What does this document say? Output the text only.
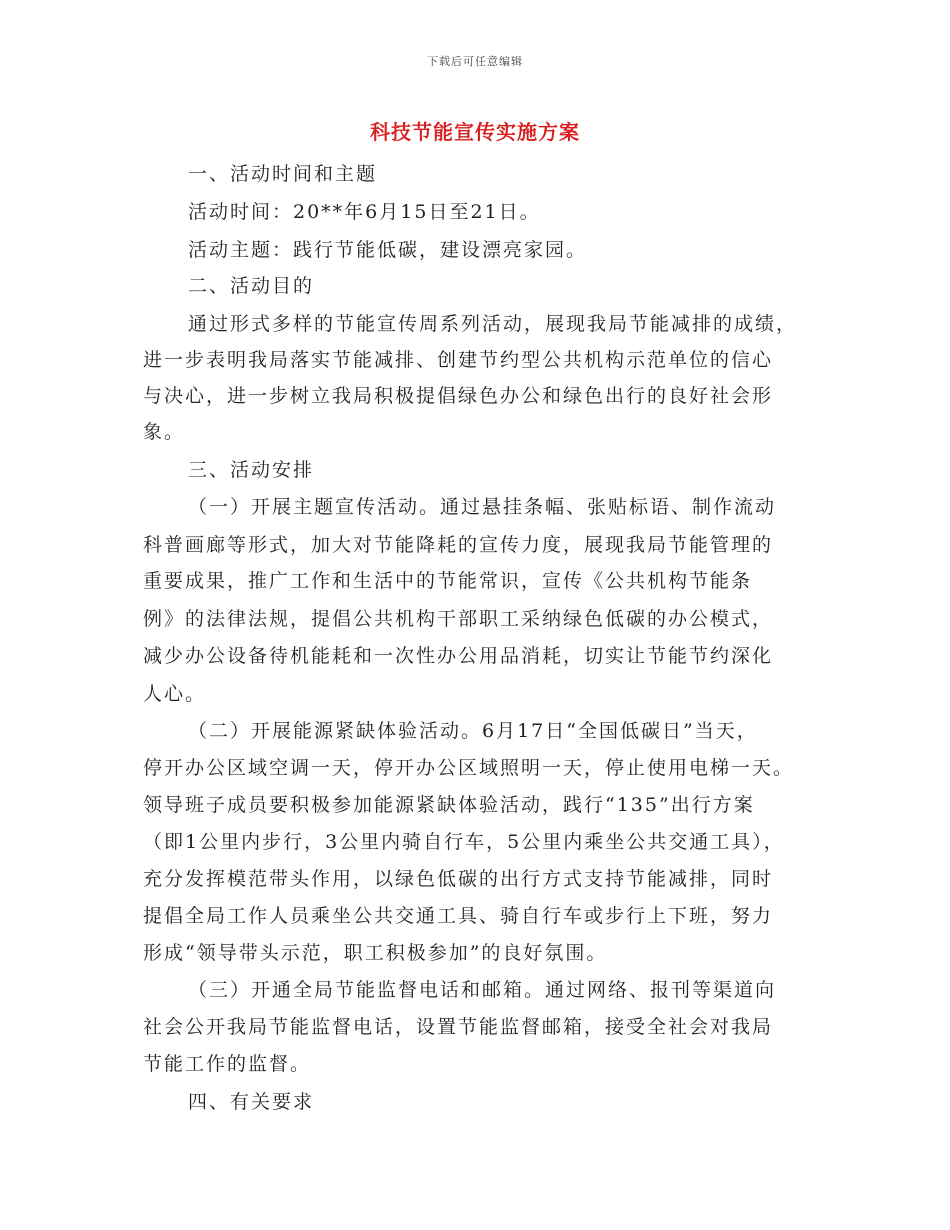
下载后可任意编辑
科技节能宣传实施方案
一、活动时间和主题
活动时间：20**年6月15日至21日。
活动主题：践行节能低碳，建设漂亮家园。
二、活动目的
通过形式多样的节能宣传周系列活动，展现我局节能减排的成绩，
进一步表明我局落实节能减排、创建节约型公共机构示范单位的信心
与决心，进一步树立我局积极提倡绿色办公和绿色出行的良好社会形
象。
三、活动安排
（一）开展主题宣传活动。通过悬挂条幅、张贴标语、制作流动
科普画廊等形式，加大对节能降耗的宣传力度，展现我局节能管理的
重要成果，推广工作和生活中的节能常识，宣传《公共机构节能条
例》的法律法规，提倡公共机构干部职工采纳绿色低碳的办公模式，
减少办公设备待机能耗和一次性办公用品消耗，切实让节能节约深化
人心。
（二）开展能源紧缺体验活动。6月17日“全国低碳日”当天，
停开办公区域空调一天，停开办公区域照明一天，停止使用电梯一天。
领导班子成员要积极参加能源紧缺体验活动，践行“135”出行方案
（即1公里内步行，3公里内骑自行车，5公里内乘坐公共交通工具），
充分发挥模范带头作用，以绿色低碳的出行方式支持节能减排，同时
提倡全局工作人员乘坐公共交通工具、骑自行车或步行上下班，努力
形成“领导带头示范，职工积极参加”的良好氛围。
（三）开通全局节能监督电话和邮箱。通过网络、报刊等渠道向
社会公开我局节能监督电话，设置节能监督邮箱，接受全社会对我局
节能工作的监督。
四、有关要求
